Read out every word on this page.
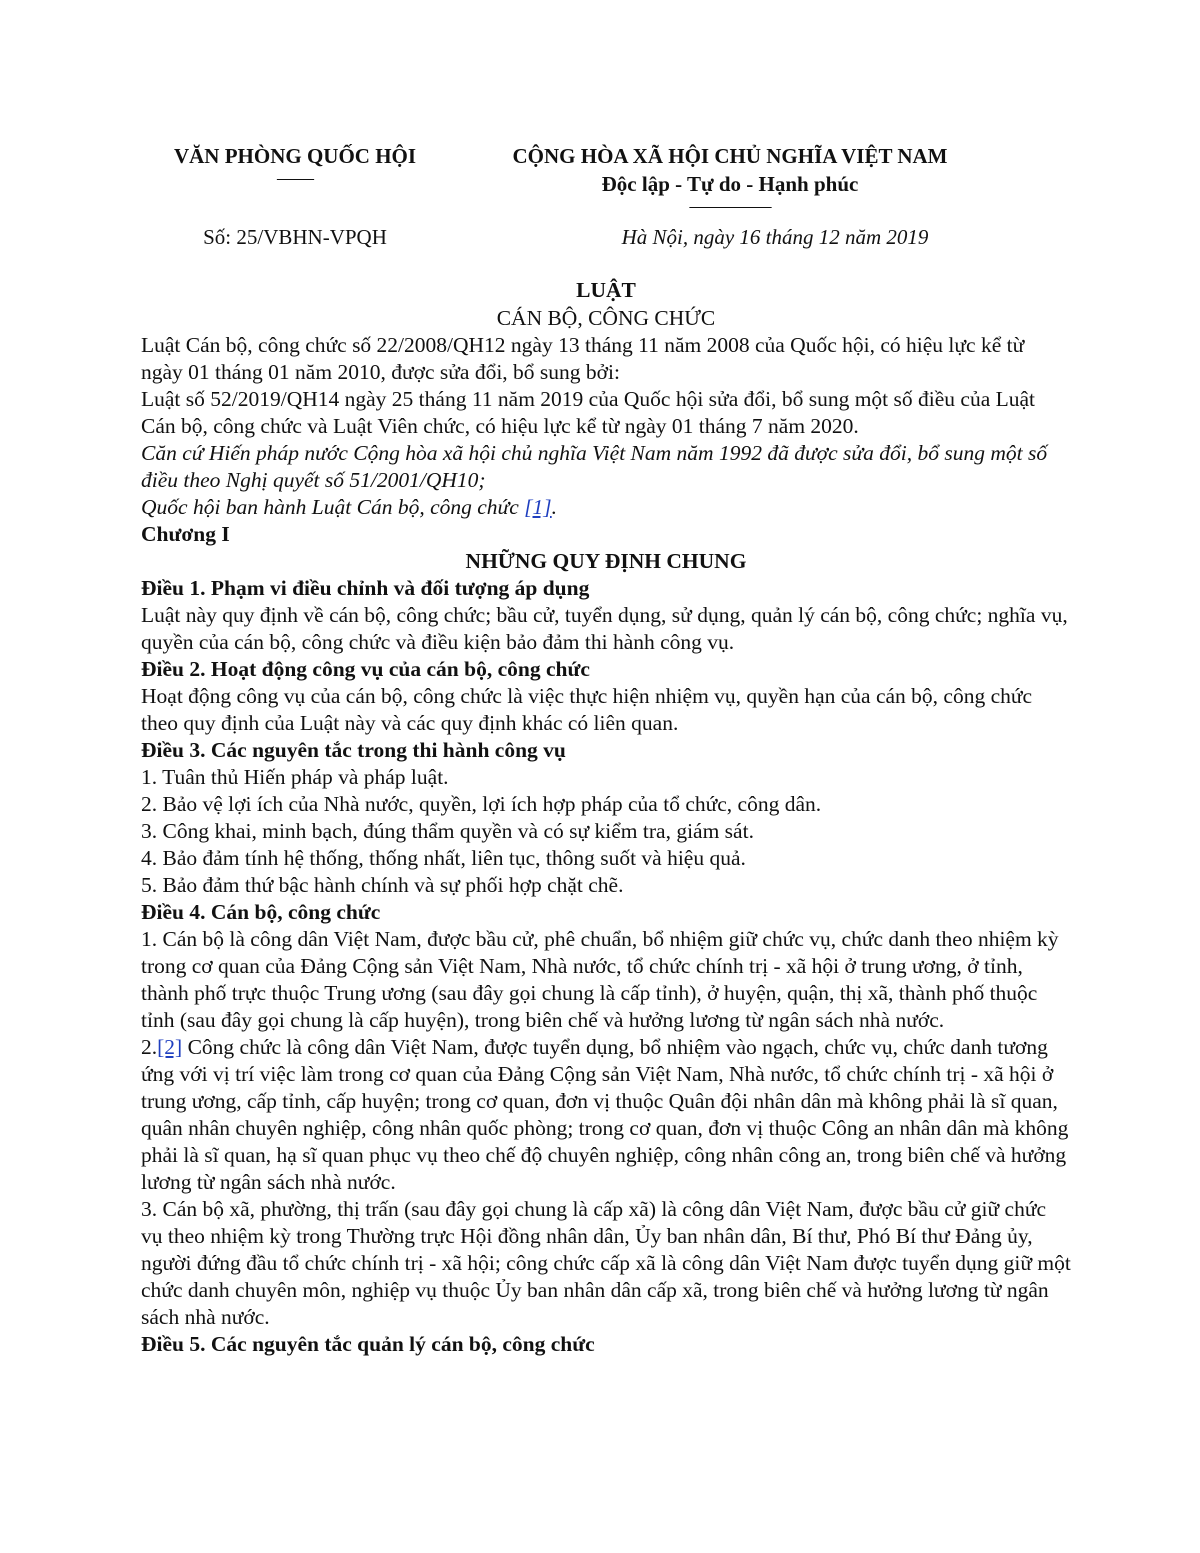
VĂN PHÒNG QUỐC HỘI
––––
CỘNG HÒA XÃ HỘI CHỦ NGHĨA VIỆT NAM
Độc lập - Tự do - Hạnh phúc
–––––––––
Số: 25/VBHN-VPQH	Hà Nội, ngày 16 tháng 12 năm 2019
LUẬT
CÁN BỘ, CÔNG CHỨC

Luật Cán bộ, công chức số 22/2008/QH12 ngày 13 tháng 11 năm 2008 của Quốc hội, có hiệu lực kể từ ngày 01 tháng 01 năm 2010, được sửa đổi, bổ sung bởi:

Luật số 52/2019/QH14 ngày 25 tháng 11 năm 2019 của Quốc hội sửa đổi, bổ sung một số điều của Luật Cán bộ, công chức và Luật Viên chức, có hiệu lực kể từ ngày 01 tháng 7 năm 2020.

Căn cứ Hiến pháp nước Cộng hòa xã hội chủ nghĩa Việt Nam năm 1992 đã được sửa đổi, bổ sung một số điều theo Nghị quyết số 51/2001/QH10;

Quốc hội ban hành Luật Cán bộ, công chức [1].

Chương I
NHỮNG QUY ĐỊNH CHUNG
Điều 1. Phạm vi điều chỉnh và đối tượng áp dụng

Luật này quy định về cán bộ, công chức; bầu cử, tuyển dụng, sử dụng, quản lý cán bộ, công chức; nghĩa vụ, quyền của cán bộ, công chức và điều kiện bảo đảm thi hành công vụ.

Điều 2. Hoạt động công vụ của cán bộ, công chức

Hoạt động công vụ của cán bộ, công chức là việc thực hiện nhiệm vụ, quyền hạn của cán bộ, công chức theo quy định của Luật này và các quy định khác có liên quan.

Điều 3. Các nguyên tắc trong thi hành công vụ

1. Tuân thủ Hiến pháp và pháp luật.

2. Bảo vệ lợi ích của Nhà nước, quyền, lợi ích hợp pháp của tổ chức, công dân.

3. Công khai, minh bạch, đúng thẩm quyền và có sự kiểm tra, giám sát.

4. Bảo đảm tính hệ thống, thống nhất, liên tục, thông suốt và hiệu quả.

5. Bảo đảm thứ bậc hành chính và sự phối hợp chặt chẽ.

Điều 4. Cán bộ, công chức

1. Cán bộ là công dân Việt Nam, được bầu cử, phê chuẩn, bổ nhiệm giữ chức vụ, chức danh theo nhiệm kỳ trong cơ quan của Đảng Cộng sản Việt Nam, Nhà nước, tổ chức chính trị - xã hội ở trung ương, ở tỉnh, thành phố trực thuộc Trung ương (sau đây gọi chung là cấp tỉnh), ở huyện, quận, thị xã, thành phố thuộc tỉnh (sau đây gọi chung là cấp huyện), trong biên chế và hưởng lương từ ngân sách nhà nước.

2.[2] Công chức là công dân Việt Nam, được tuyển dụng, bổ nhiệm vào ngạch, chức vụ, chức danh tương ứng với vị trí việc làm trong cơ quan của Đảng Cộng sản Việt Nam, Nhà nước, tổ chức chính trị - xã hội ở trung ương, cấp tỉnh, cấp huyện; trong cơ quan, đơn vị thuộc Quân đội nhân dân mà không phải là sĩ quan, quân nhân chuyên nghiệp, công nhân quốc phòng; trong cơ quan, đơn vị thuộc Công an nhân dân mà không phải là sĩ quan, hạ sĩ quan phục vụ theo chế độ chuyên nghiệp, công nhân công an, trong biên chế và hưởng lương từ ngân sách nhà nước.

3. Cán bộ xã, phường, thị trấn (sau đây gọi chung là cấp xã) là công dân Việt Nam, được bầu cử giữ chức vụ theo nhiệm kỳ trong Thường trực Hội đồng nhân dân, Ủy ban nhân dân, Bí thư, Phó Bí thư Đảng ủy, người đứng đầu tổ chức chính trị - xã hội; công chức cấp xã là công dân Việt Nam được tuyển dụng giữ một chức danh chuyên môn, nghiệp vụ thuộc Ủy ban nhân dân cấp xã, trong biên chế và hưởng lương từ ngân sách nhà nước.

Điều 5. Các nguyên tắc quản lý cán bộ, công chức
